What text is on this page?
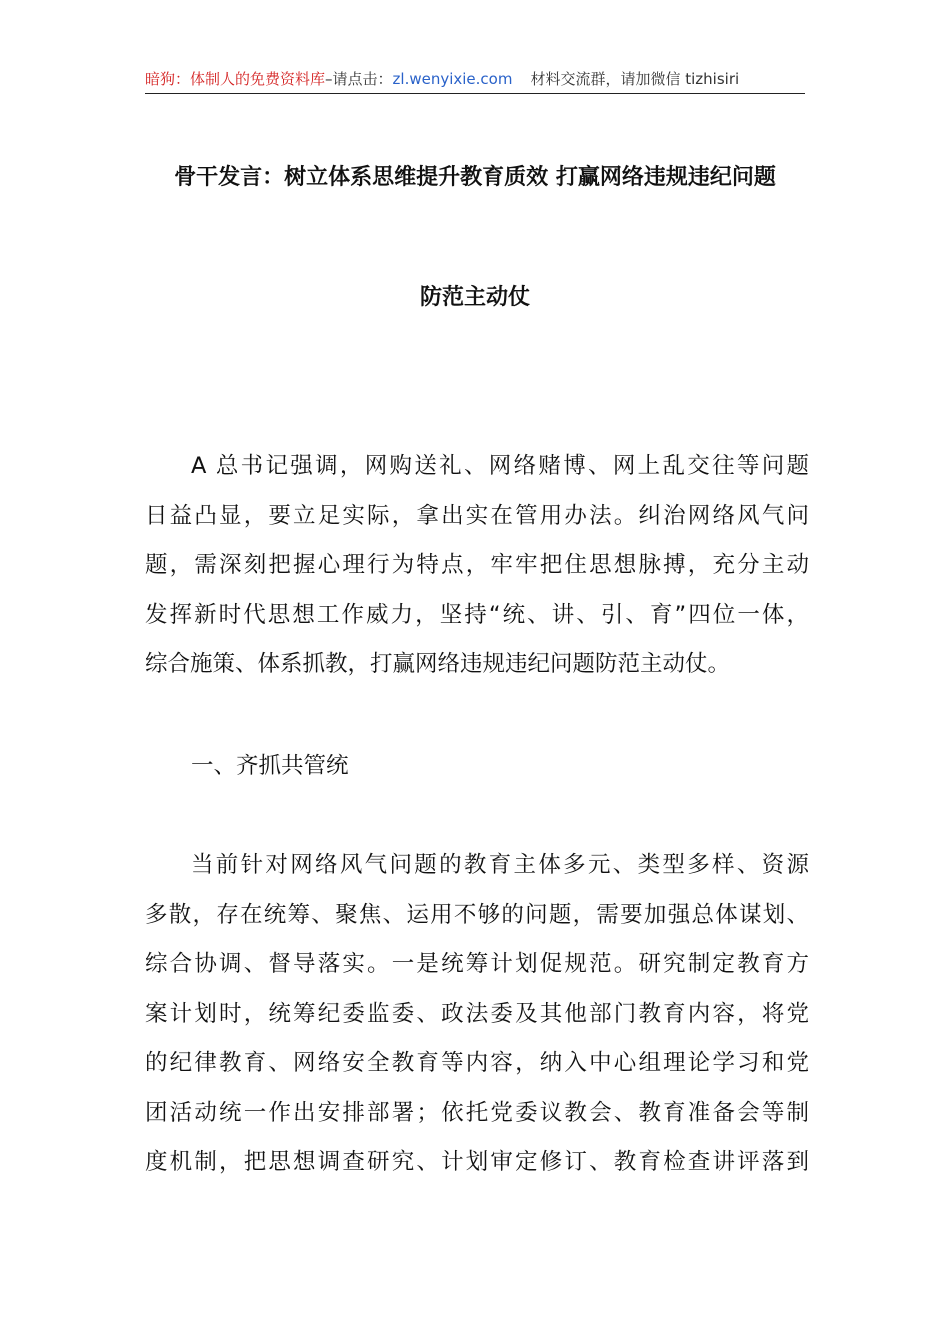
暗狗：体制人的免费资料库–请点击：zl.wenyixie.com 材料交流群，请加微信 tizhisiri
骨干发言：树立体系思维提升教育质效 打赢网络违规违纪问题
防范主动仗
A 总书记强调，网购送礼、网络赌博、网上乱交往等问题
日益凸显，要立足实际，拿出实在管用办法。纠治网络风气问
题，需深刻把握心理行为特点，牢牢把住思想脉搏，充分主动
发挥新时代思想工作威力，坚持“统、讲、引、育”四位一体，
综合施策、体系抓教，打赢网络违规违纪问题防范主动仗。
一、齐抓共管统
当前针对网络风气问题的教育主体多元、类型多样、资源
多散，存在统筹、聚焦、运用不够的问题，需要加强总体谋划、
综合协调、督导落实。一是统筹计划促规范。研究制定教育方
案计划时，统筹纪委监委、政法委及其他部门教育内容，将党
的纪律教育、网络安全教育等内容，纳入中心组理论学习和党
团活动统一作出安排部署；依托党委议教会、教育准备会等制
度机制，把思想调查研究、计划审定修订、教育检查讲评落到
